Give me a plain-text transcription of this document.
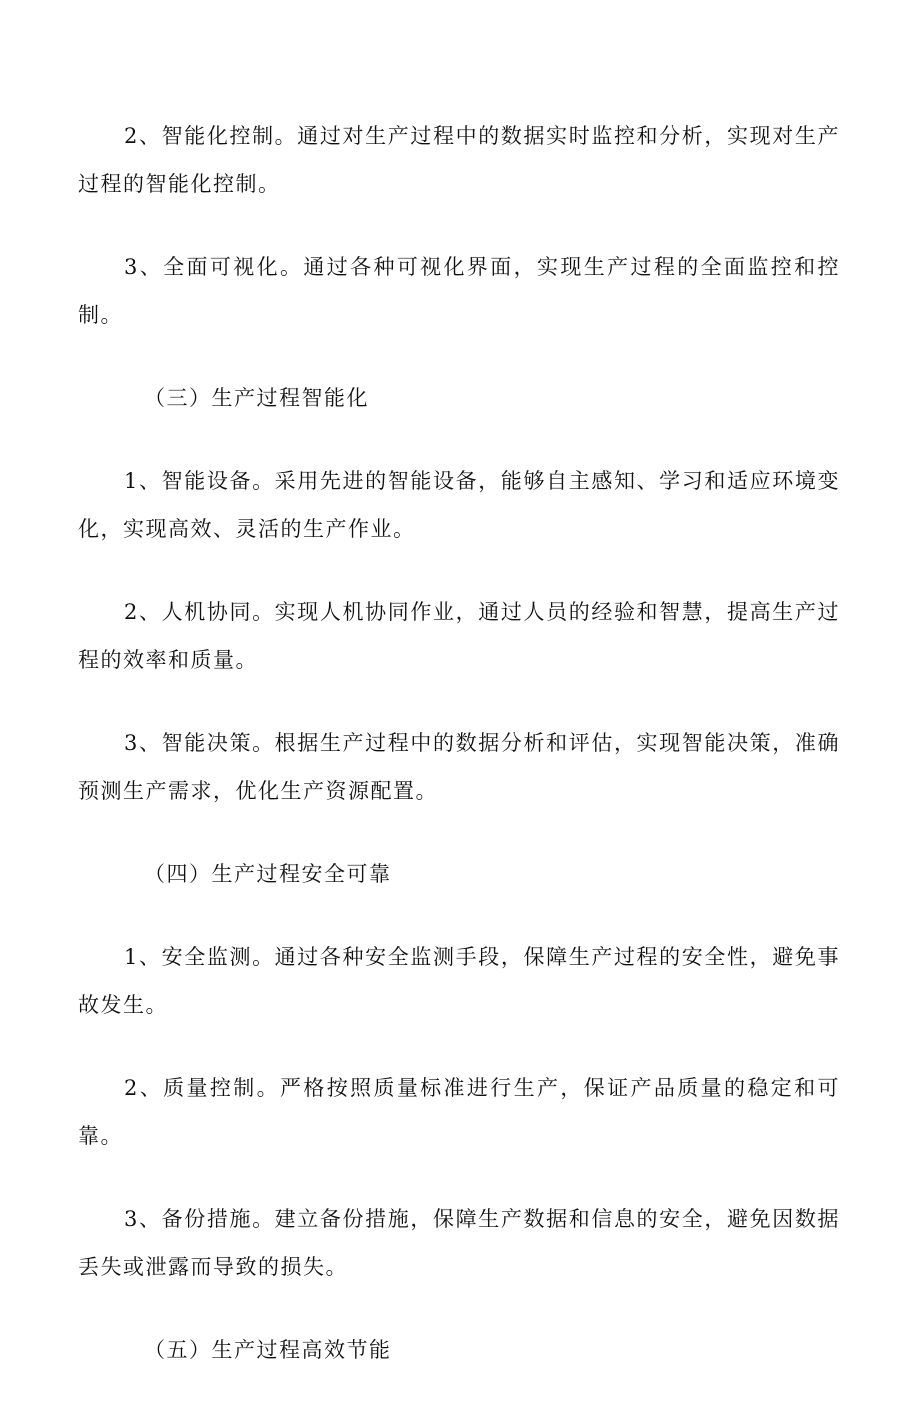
2、智能化控制。通过对生产过程中的数据实时监控和分析，实现对生产过程的智能化控制。

3、全面可视化。通过各种可视化界面，实现生产过程的全面监控和控制。

（三）生产过程智能化

1、智能设备。采用先进的智能设备，能够自主感知、学习和适应环境变化，实现高效、灵活的生产作业。

2、人机协同。实现人机协同作业，通过人员的经验和智慧，提高生产过程的效率和质量。

3、智能决策。根据生产过程中的数据分析和评估，实现智能决策，准确预测生产需求，优化生产资源配置。

（四）生产过程安全可靠

1、安全监测。通过各种安全监测手段，保障生产过程的安全性，避免事故发生。

2、质量控制。严格按照质量标准进行生产，保证产品质量的稳定和可靠。

3、备份措施。建立备份措施，保障生产数据和信息的安全，避免因数据丢失或泄露而导致的损失。

（五）生产过程高效节能
